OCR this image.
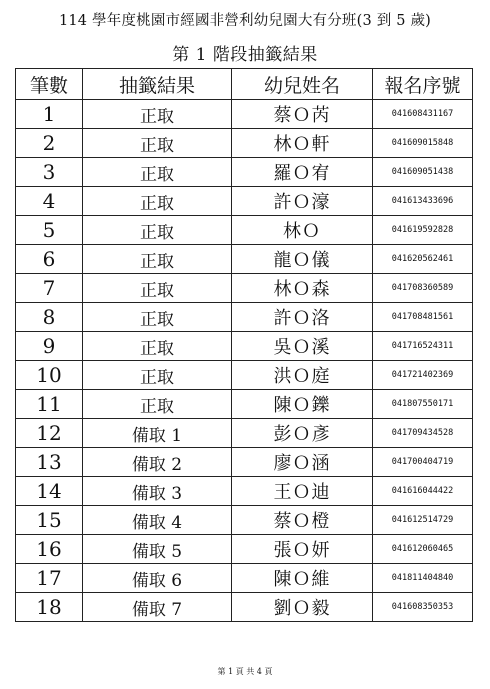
114 學年度桃園市經國非營利幼兒園大有分班(3 到 5 歲)
第 1 階段抽籤結果
筆數	抽籤結果	幼兒姓名	報名序號
1	正取	蔡Ｏ芮	041608431167
2	正取	林Ｏ軒	041609015848
3	正取	羅Ｏ宥	041609051438
4	正取	許Ｏ濠	041613433696
5	正取	林Ｏ	041619592828
6	正取	龍Ｏ儀	041620562461
7	正取	林Ｏ森	041708360589
8	正取	許Ｏ洛	041708481561
9	正取	吳Ｏ溪	041716524311
10	正取	洪Ｏ庭	041721402369
11	正取	陳Ｏ鑠	041807550171
12	備取 1	彭Ｏ彥	041709434528
13	備取 2	廖Ｏ涵	041700404719
14	備取 3	王Ｏ迪	041616044422
15	備取 4	蔡Ｏ橙	041612514729
16	備取 5	張Ｏ妍	041612060465
17	備取 6	陳Ｏ維	041811404840
18	備取 7	劉Ｏ毅	041608350353
第 1 頁 共 4 頁
